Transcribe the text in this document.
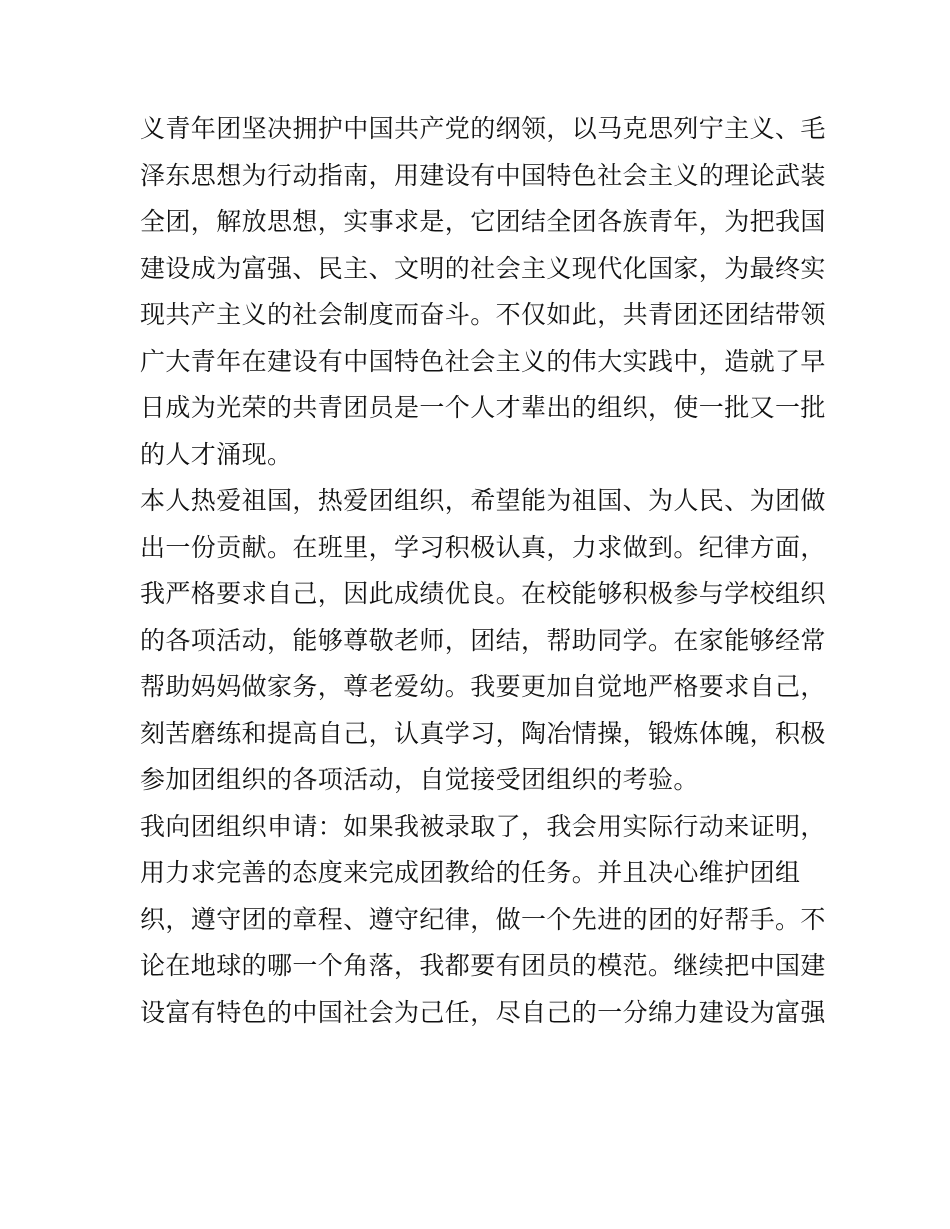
义青年团坚决拥护中国共产党的纲领，以马克思列宁主义、毛
泽东思想为行动指南，用建设有中国特色社会主义的理论武装
全团，解放思想，实事求是，它团结全团各族青年，为把我国
建设成为富强、民主、文明的社会主义现代化国家，为最终实
现共产主义的社会制度而奋斗。不仅如此，共青团还团结带领
广大青年在建设有中国特色社会主义的伟大实践中，造就了早
日成为光荣的共青团员是一个人才辈出的组织，使一批又一批
的人才涌现。
本人热爱祖国，热爱团组织，希望能为祖国、为人民、为团做
出一份贡献。在班里，学习积极认真，力求做到。纪律方面，
我严格要求自己，因此成绩优良。在校能够积极参与学校组织
的各项活动，能够尊敬老师，团结，帮助同学。在家能够经常
帮助妈妈做家务，尊老爱幼。我要更加自觉地严格要求自己，
刻苦磨练和提高自己，认真学习，陶冶情操，锻炼体魄，积极
参加团组织的各项活动，自觉接受团组织的考验。
我向团组织申请：如果我被录取了，我会用实际行动来证明，
用力求完善的态度来完成团教给的任务。并且决心维护团组
织，遵守团的章程、遵守纪律，做一个先进的团的好帮手。不
论在地球的哪一个角落，我都要有团员的模范。继续把中国建
设富有特色的中国社会为己任，尽自己的一分绵力建设为富强
